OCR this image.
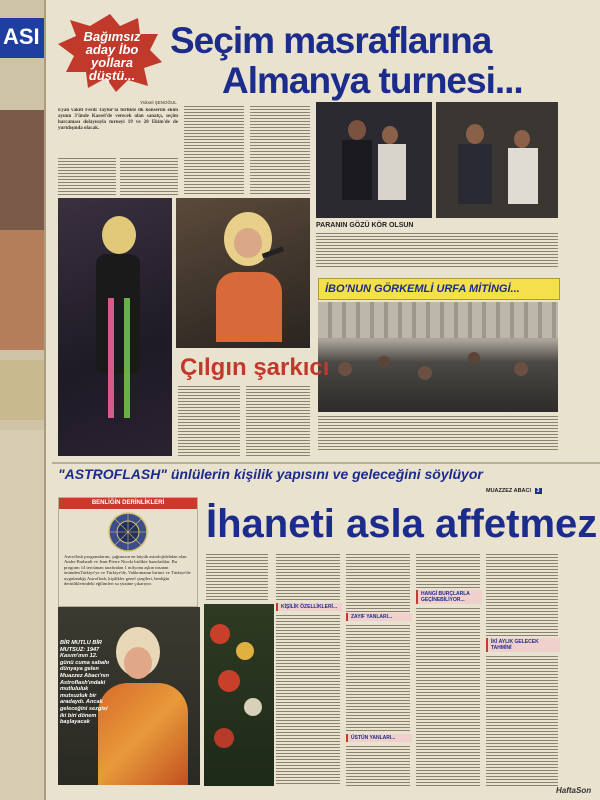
ASI	Bağımsız aday İbo yollara düştü...
Seçim masraflarına
Almanya turnesi...
Yüksel ŞENOĞUL
Eyalı vakiti Ferdi Tayfur'la birlikte ilk konserini ekim ayının 3'ünde Kassel'de verecek olan sanatçı, seçim harcaması dolayısıyla turneyi 19 ve 20 Ekim'de de yurtdışında olacak.
PARANIN GÖZÜ KÖR OLSUN
İBO'NUN GÖRKEMLİ URFA MİTİNGİ...
Çılgın şarkıcı
"ASTROFLASH" ünlülerin kişilik yapısını ve geleceğini söylüyor
MUAZZEZ ABACI 3
BENLİĞİN DERİNLİKLERİ
Astroflash programlarını, çağımızın en büyük astrolojidehdan olan Andre Barbault ve Jean-Pierre Nicola birlikte hazırladılar. Bu program 14 tercüman tarafından 1 milyonu aşkın insanın önündenTürkiye'ye ve Türkiye'de, Vakkomanın birinci ve Türkiye'de uygulandığı Astroflash, kişilikler genel çizgileri, benliğin derinliklerindeki eğilimleri su yüzüne çıkarıyor.
İhaneti asla affetmez
BİR MUTLU BİR MUTSUZ: 1947 Kasım'ının 12. günü cuma sabahı dünyaya gelen Muazzez Abacı'nın Astroflash'ındaki mutlululuk mutsuzluk bir aradaydı. Ancak geleceğini sezgisi iki biri dönem başlayacak
KİŞİLİK ÖZELLİKLERİ...
ZAYIF YANLARI...
ÜSTÜN YANLARI...
HANGİ BURÇLARLA GEÇİNEBİLİYOR...
İKİ AYLIK GELECEK TAHMİNİ
HaftaSon
